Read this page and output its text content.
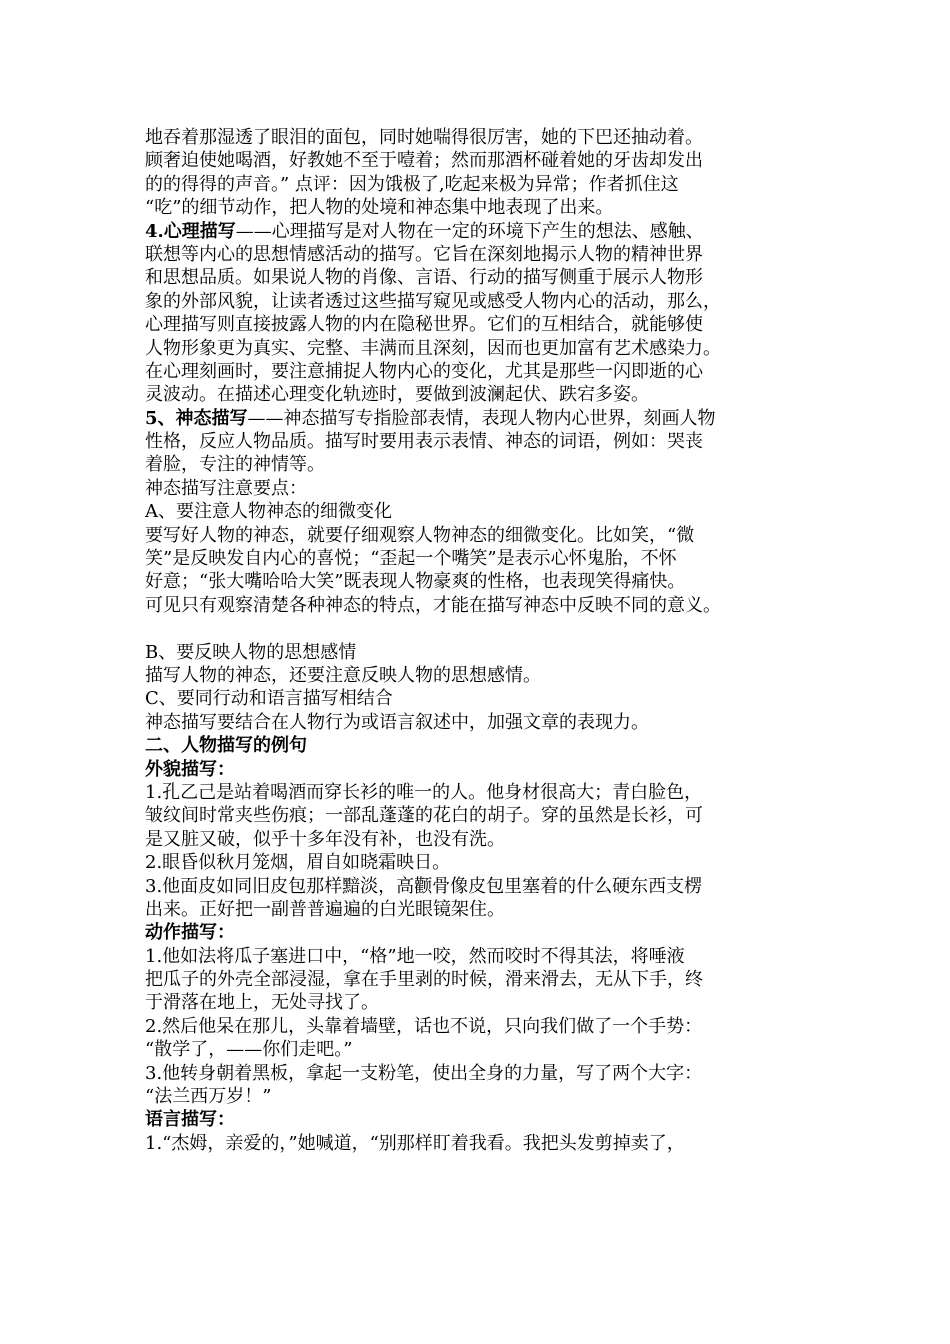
地吞着那湿透了眼泪的面包，同时她喘得很厉害，她的下巴还抽动着。
顾奢迫使她喝酒，好教她不至于噎着；然而那酒杯碰着她的牙齿却发出
的的得得的声音。” 点评：因为饿极了,吃起来极为异常；作者抓住这
“吃”的细节动作，把人物的处境和神态集中地表现了出来。
4.心理描写——心理描写是对人物在一定的环境下产生的想法、感触、
联想等内心的思想情感活动的描写。它旨在深刻地揭示人物的精神世界
和思想品质。如果说人物的肖像、言语、行动的描写侧重于展示人物形
象的外部风貌，让读者透过这些描写窥见或感受人物内心的活动，那么，
心理描写则直接披露人物的内在隐秘世界。它们的互相结合，就能够使
人物形象更为真实、完整、丰满而且深刻，因而也更加富有艺术感染力。
在心理刻画时，要注意捕捉人物内心的变化，尤其是那些一闪即逝的心
灵波动。在描述心理变化轨迹时，要做到波澜起伏、跌宕多姿。
5、神态描写——神态描写专指脸部表情，表现人物内心世界，刻画人物
性格，反应人物品质。描写时要用表示表情、神态的词语，例如：哭丧
着脸，专注的神情等。
神态描写注意要点：
A、要注意人物神态的细微变化
要写好人物的神态，就要仔细观察人物神态的细微变化。比如笑，“微
笑”是反映发自内心的喜悦；“歪起一个嘴笑”是表示心怀鬼胎，不怀
好意；“张大嘴哈哈大笑”既表现人物豪爽的性格，也表现笑得痛快。
可见只有观察清楚各种神态的特点，才能在描写神态中反映不同的意义。
B、要反映人物的思想感情
描写人物的神态，还要注意反映人物的思想感情。
C、要同行动和语言描写相结合
神态描写要结合在人物行为或语言叙述中，加强文章的表现力。
二、人物描写的例句
外貌描写：
1.孔乙己是站着喝酒而穿长衫的唯一的人。他身材很高大；青白脸色，
皱纹间时常夹些伤痕；一部乱蓬蓬的花白的胡子。穿的虽然是长衫，可
是又脏又破，似乎十多年没有补，也没有洗。
2.眼昏似秋月笼烟，眉自如晓霜映日。
3.他面皮如同旧皮包那样黯淡，高颧骨像皮包里塞着的什么硬东西支楞
出来。正好把一副普普遍遍的白光眼镜架住。
动作描写：
1.他如法将瓜子塞进口中，“格”地一咬，然而咬时不得其法，将唾液
把瓜子的外壳全部浸湿，拿在手里剥的时候，滑来滑去，无从下手，终
于滑落在地上，无处寻找了。
2.然后他呆在那儿，头靠着墙壁，话也不说，只向我们做了一个手势：
“散学了，——你们走吧。”
3.他转身朝着黑板，拿起一支粉笔，使出全身的力量，写了两个大字：
“法兰西万岁！”
语言描写：
1.“杰姆，亲爱的，”她喊道，“别那样盯着我看。我把头发剪掉卖了，
